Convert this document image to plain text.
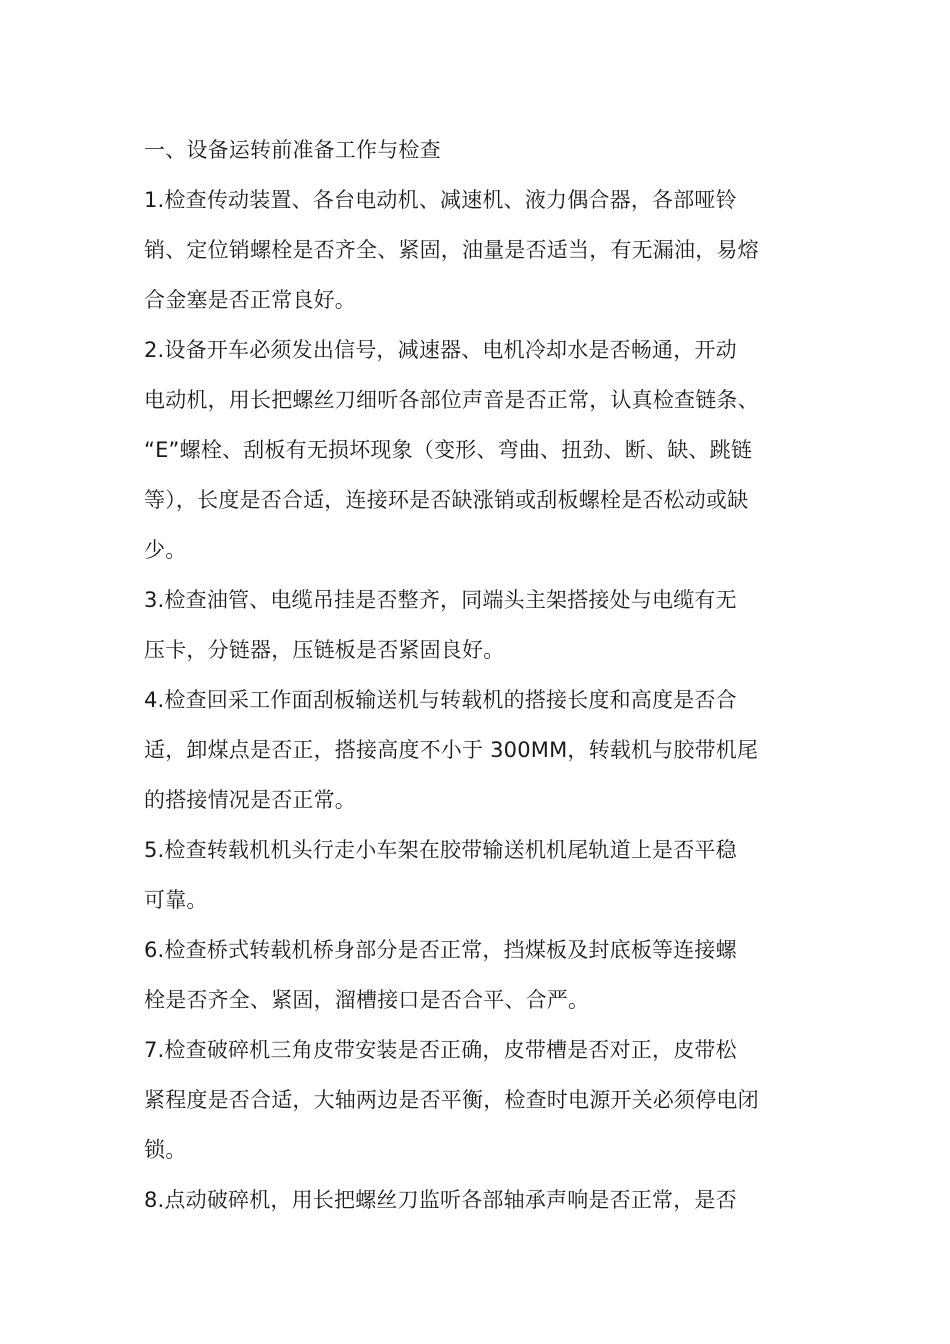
一、设备运转前准备工作与检查
1.检查传动装置、各台电动机、减速机、液力偶合器，各部哑铃
销、定位销螺栓是否齐全、紧固，油量是否适当，有无漏油，易熔
合金塞是否正常良好。
2.设备开车必须发出信号，减速器、电机冷却水是否畅通，开动
电动机，用长把螺丝刀细听各部位声音是否正常，认真检查链条、
“E”螺栓、刮板有无损坏现象（变形、弯曲、扭劲、断、缺、跳链
等），长度是否合适，连接环是否缺涨销或刮板螺栓是否松动或缺
少。
3.检查油管、电缆吊挂是否整齐，同端头主架搭接处与电缆有无
压卡，分链器，压链板是否紧固良好。
4.检查回采工作面刮板输送机与转载机的搭接长度和高度是否合
适，卸煤点是否正，搭接高度不小于 300MM，转载机与胶带机尾
的搭接情况是否正常。
5.检查转载机机头行走小车架在胶带输送机机尾轨道上是否平稳
可靠。
6.检查桥式转载机桥身部分是否正常，挡煤板及封底板等连接螺
栓是否齐全、紧固，溜槽接口是否合平、合严。
7.检查破碎机三角皮带安装是否正确，皮带槽是否对正，皮带松
紧程度是否合适，大轴两边是否平衡，检查时电源开关必须停电闭
锁。
8.点动破碎机，用长把螺丝刀监听各部轴承声响是否正常，是否
